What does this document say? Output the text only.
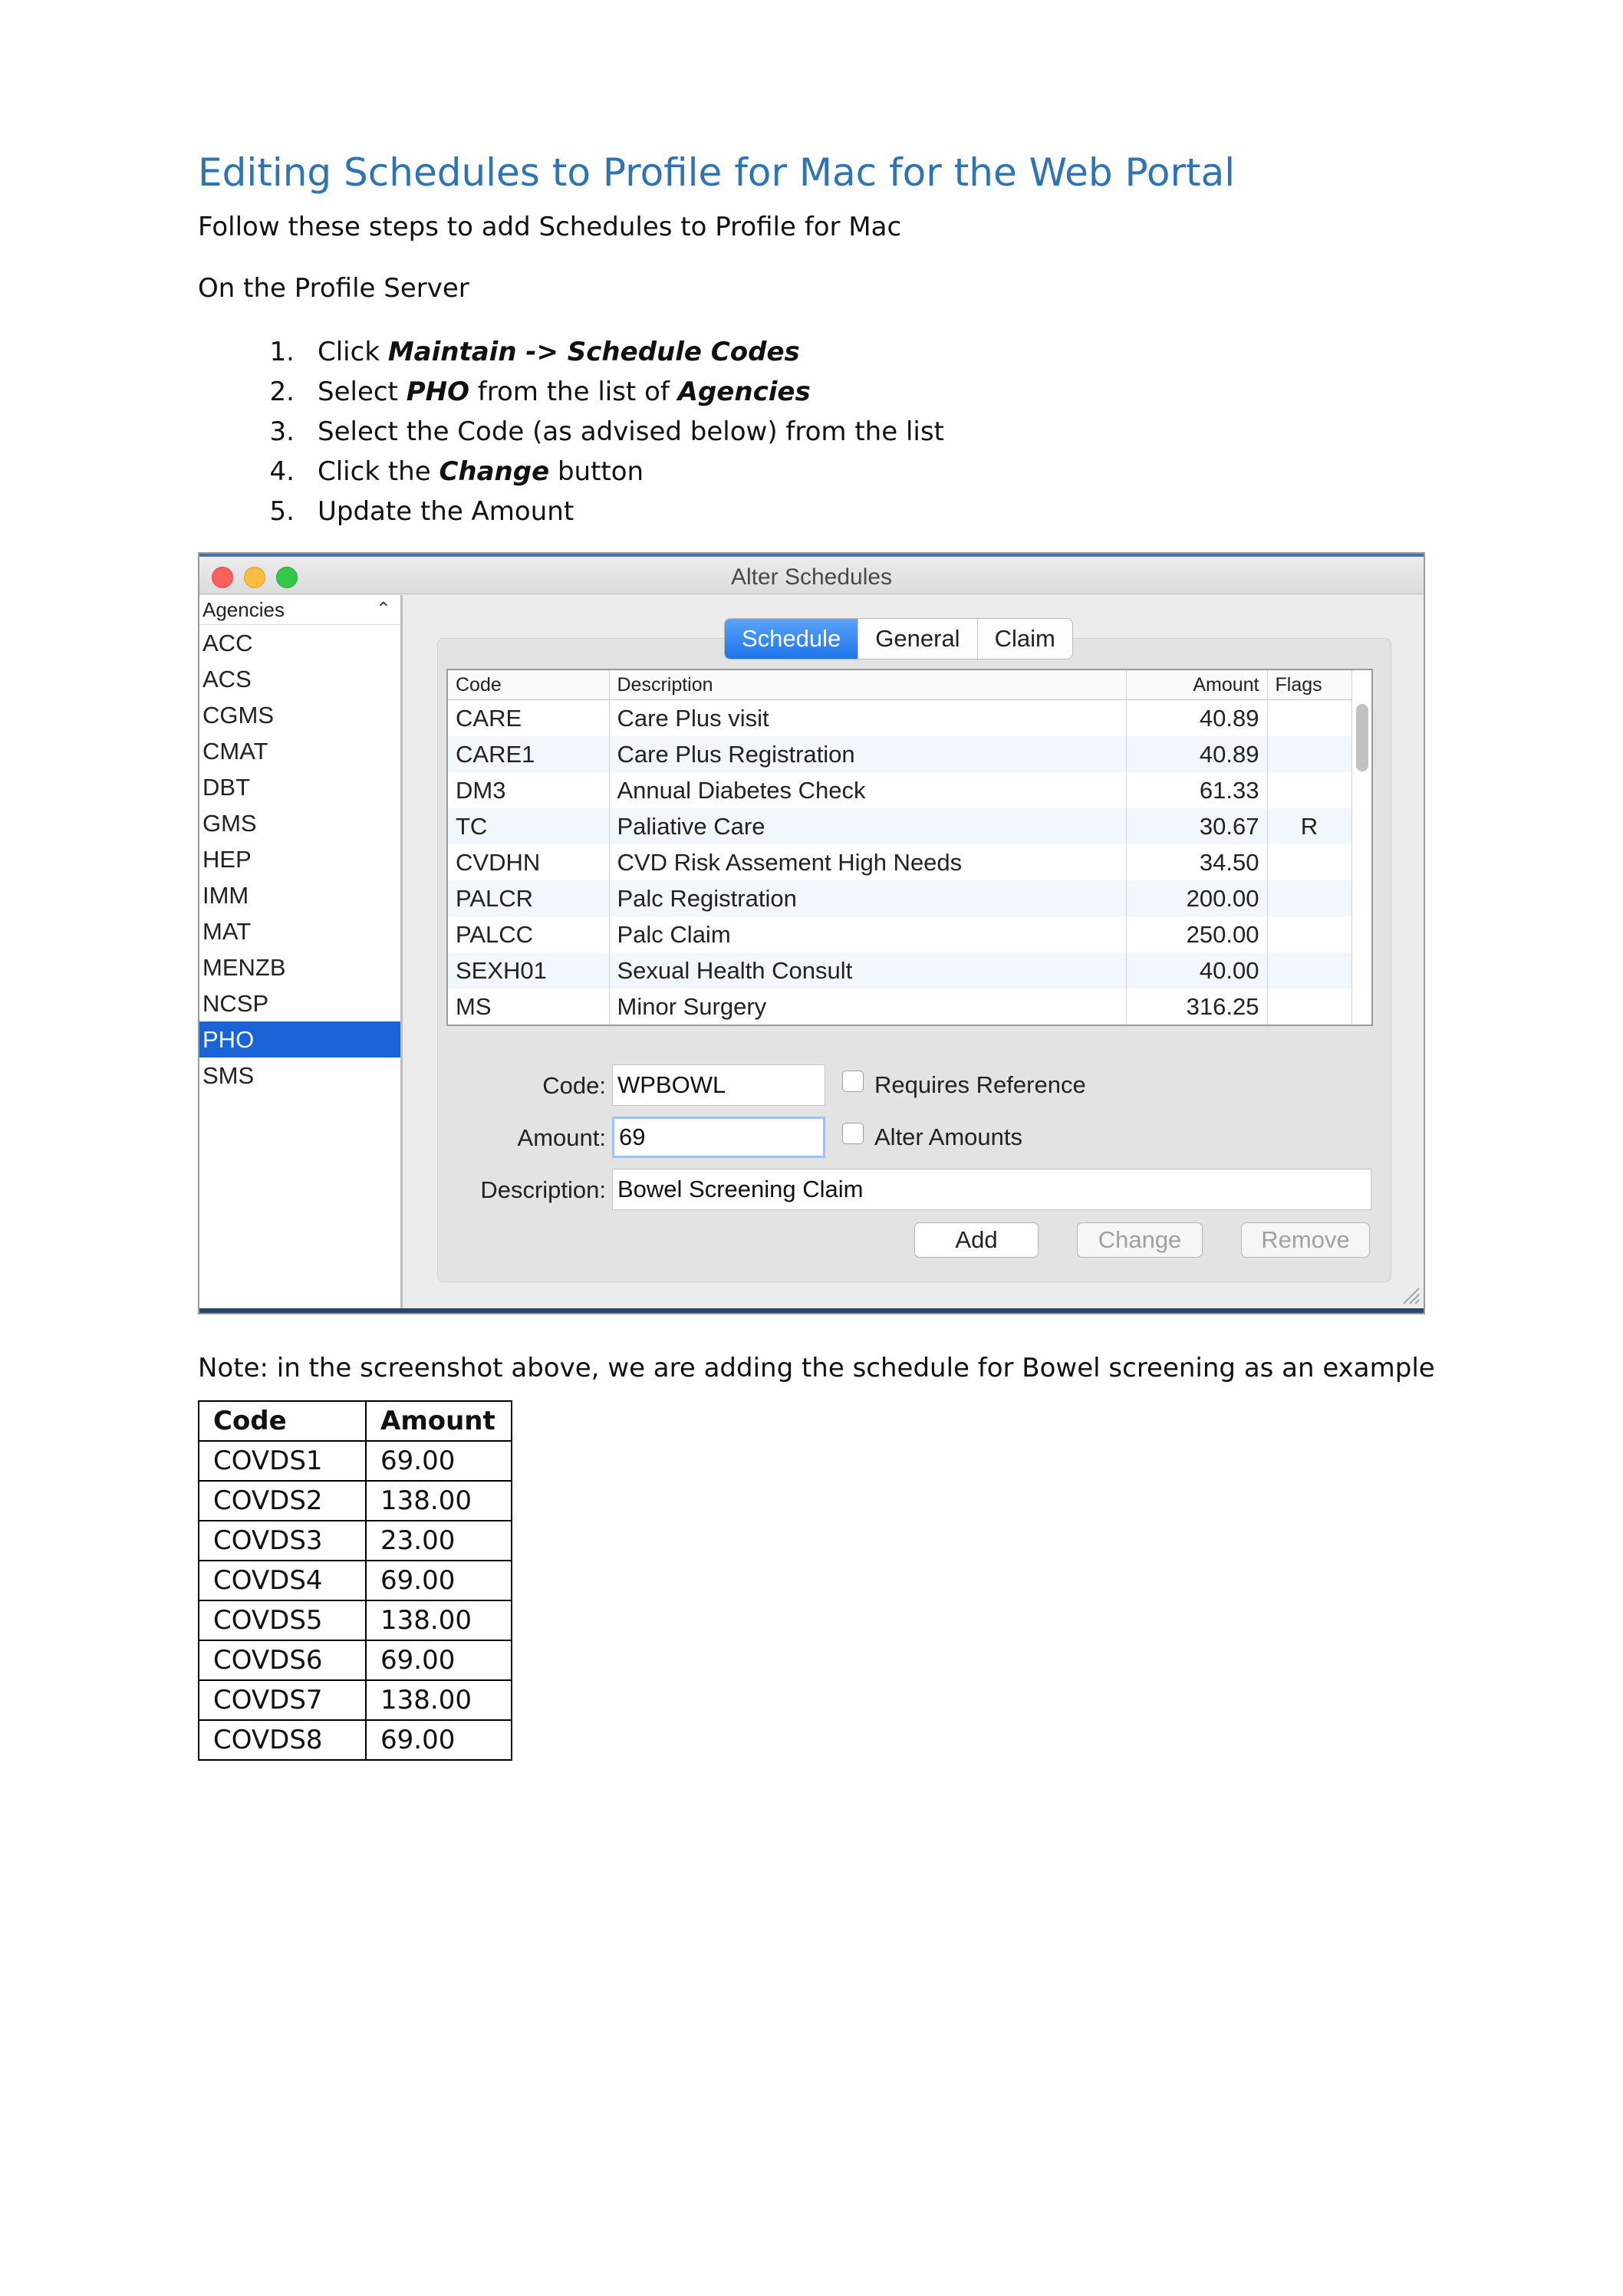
Editing Schedules to Profile for Mac for the Web Portal

Follow these steps to add Schedules to Profile for Mac

On the Profile Server

1. Click Maintain -> Schedule Codes
2. Select PHO from the list of Agencies
3. Select the Code (as advised below) from the list
4. Click the Change button
5. Update the Amount
Alter Schedules
Agencies	⌃
ACC
ACS
CGMS
CMAT
DBT
GMS
HEP
IMM
MAT
MENZB
NCSP
PHO
SMS
Schedule	General	Claim
Code	Description	Amount	Flags
CARE	Care Plus visit	40.89	
CARE1	Care Plus Registration	40.89	
DM3	Annual Diabetes Check	61.33	
TC	Paliative Care	30.67	R
CVDHN	CVD Risk Assement High Needs	34.50	
PALCR	Palc Registration	200.00	
PALCC	Palc Claim	250.00	
SEXH01	Sexual Health Consult	40.00	
MS	Minor Surgery	316.25	
Code:
WPBOWL	Requires Reference
Amount:
69	Alter Amounts
Description:
Bowel Screening Claim
Add	Change	Remove

Note: in the screenshot above, we are adding the schedule for Bowel screening as an example

Code	Amount
COVDS1	69.00
COVDS2	138.00
COVDS3	23.00
COVDS4	69.00
COVDS5	138.00
COVDS6	69.00
COVDS7	138.00
COVDS8	69.00
